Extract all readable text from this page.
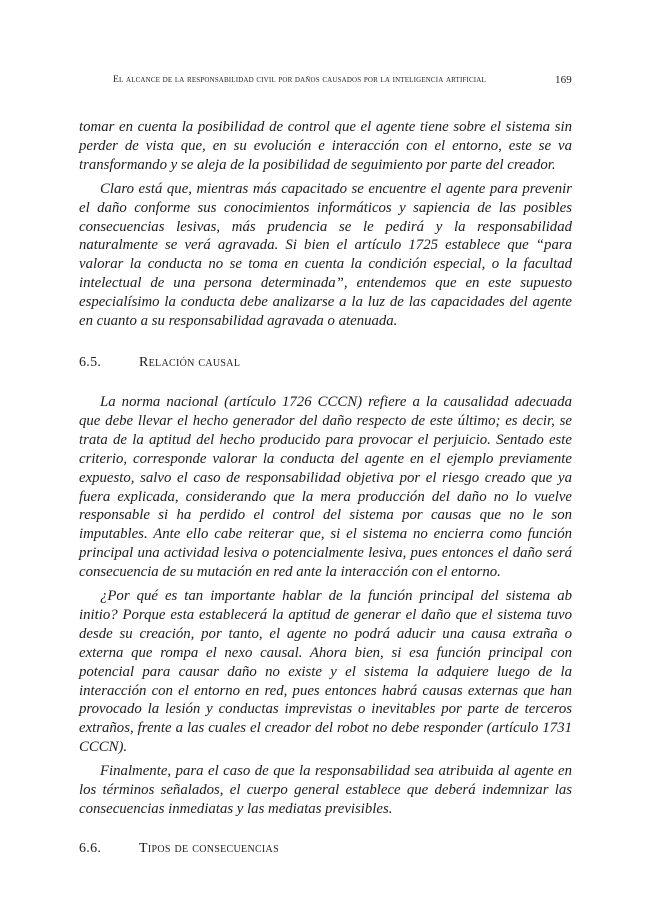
El alcance de la responsabilidad civil por daños causados por la inteligencia artificial	169

tomar en cuenta la posibilidad de control que el agente tiene sobre el sistema sin perder de vista que, en su evolución e interacción con el entorno, este se va transformando y se aleja de la posibilidad de seguimiento por parte del creador.

Claro está que, mientras más capacitado se encuentre el agente para prevenir el daño conforme sus conocimientos informáticos y sapiencia de las posibles consecuencias lesivas, más prudencia se le pedirá y la responsabilidad naturalmente se verá agravada. Si bien el artículo 1725 establece que “para valorar la conducta no se toma en cuenta la condición especial, o la facultad intelectual de una persona determinada”, entendemos que en este supuesto especialísimo la conducta debe analizarse a la luz de las capacidades del agente en cuanto a su responsabilidad agravada o atenuada.

6.5.	Relación causal

La norma nacional (artículo 1726 CCCN) refiere a la causalidad adecuada que debe llevar el hecho generador del daño respecto de este último; es decir, se trata de la aptitud del hecho producido para provocar el perjuicio. Sentado este criterio, corresponde valorar la conducta del agente en el ejemplo previamente expuesto, salvo el caso de responsabilidad objetiva por el riesgo creado que ya fuera explicada, considerando que la mera producción del daño no lo vuelve responsable si ha perdido el control del sistema por causas que no le son imputables. Ante ello cabe reiterar que, si el sistema no encierra como función principal una actividad lesiva o potencialmente lesiva, pues entonces el daño será consecuencia de su mutación en red ante la interacción con el entorno.

¿Por qué es tan importante hablar de la función principal del sistema ab initio? Porque esta establecerá la aptitud de generar el daño que el sistema tuvo desde su creación, por tanto, el agente no podrá aducir una causa extraña o externa que rompa el nexo causal. Ahora bien, si esa función principal con potencial para causar daño no existe y el sistema la adquiere luego de la interacción con el entorno en red, pues entonces habrá causas externas que han provocado la lesión y conductas imprevistas o inevitables por parte de terceros extraños, frente a las cuales el creador del robot no debe responder (artículo 1731 CCCN).

Finalmente, para el caso de que la responsabilidad sea atribuida al agente en los términos señalados, el cuerpo general establece que deberá indemnizar las consecuencias inmediatas y las mediatas previsibles.

6.6.	Tipos de consecuencias
